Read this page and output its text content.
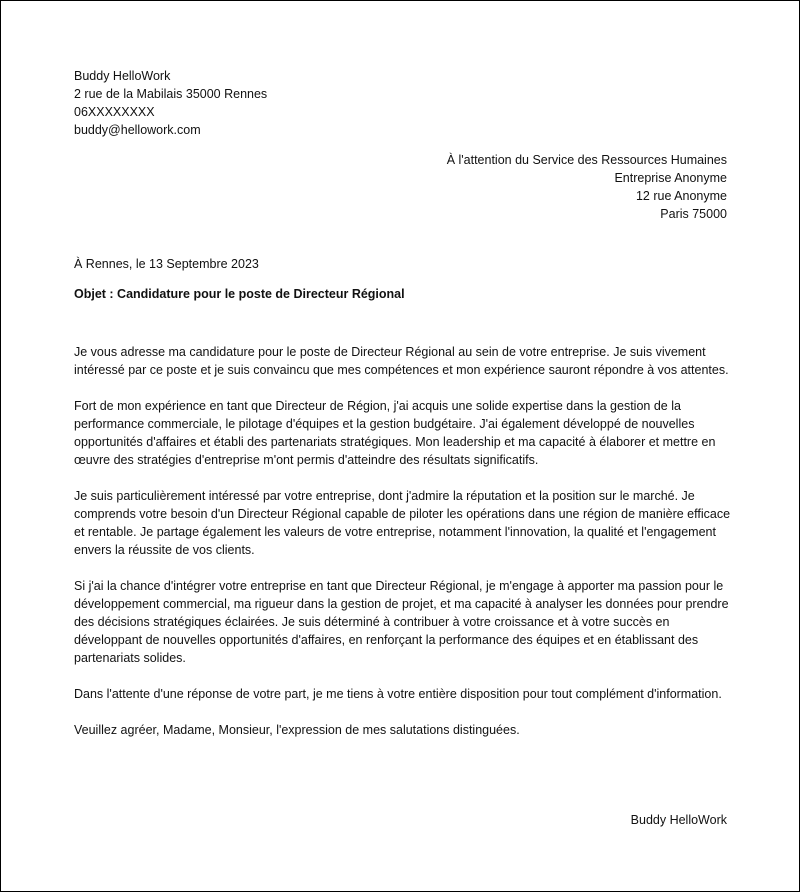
Buddy HelloWork
2 rue de la Mabilais 35000 Rennes
06XXXXXXXX
buddy@hellowork.com
À l'attention du Service des Ressources Humaines
Entreprise Anonyme
12 rue Anonyme
Paris 75000
À Rennes, le 13 Septembre 2023
Objet : Candidature pour le poste de Directeur Régional

Je vous adresse ma candidature pour le poste de Directeur Régional au sein de votre entreprise. Je suis vivement intéressé par ce poste et je suis convaincu que mes compétences et mon expérience sauront répondre à vos attentes.

Fort de mon expérience en tant que Directeur de Région, j'ai acquis une solide expertise dans la gestion de la performance commerciale, le pilotage d'équipes et la gestion budgétaire. J'ai également développé de nouvelles opportunités d'affaires et établi des partenariats stratégiques. Mon leadership et ma capacité à élaborer et mettre en œuvre des stratégies d'entreprise m'ont permis d'atteindre des résultats significatifs.

Je suis particulièrement intéressé par votre entreprise, dont j'admire la réputation et la position sur le marché. Je comprends votre besoin d'un Directeur Régional capable de piloter les opérations dans une région de manière efficace et rentable. Je partage également les valeurs de votre entreprise, notamment l'innovation, la qualité et l'engagement envers la réussite de vos clients.

Si j'ai la chance d'intégrer votre entreprise en tant que Directeur Régional, je m'engage à apporter ma passion pour le développement commercial, ma rigueur dans la gestion de projet, et ma capacité à analyser les données pour prendre des décisions stratégiques éclairées. Je suis déterminé à contribuer à votre croissance et à votre succès en développant de nouvelles opportunités d'affaires, en renforçant la performance des équipes et en établissant des partenariats solides.

Dans l'attente d'une réponse de votre part, je me tiens à votre entière disposition pour tout complément d'information.

Veuillez agréer, Madame, Monsieur, l'expression de mes salutations distinguées.

Buddy HelloWork
